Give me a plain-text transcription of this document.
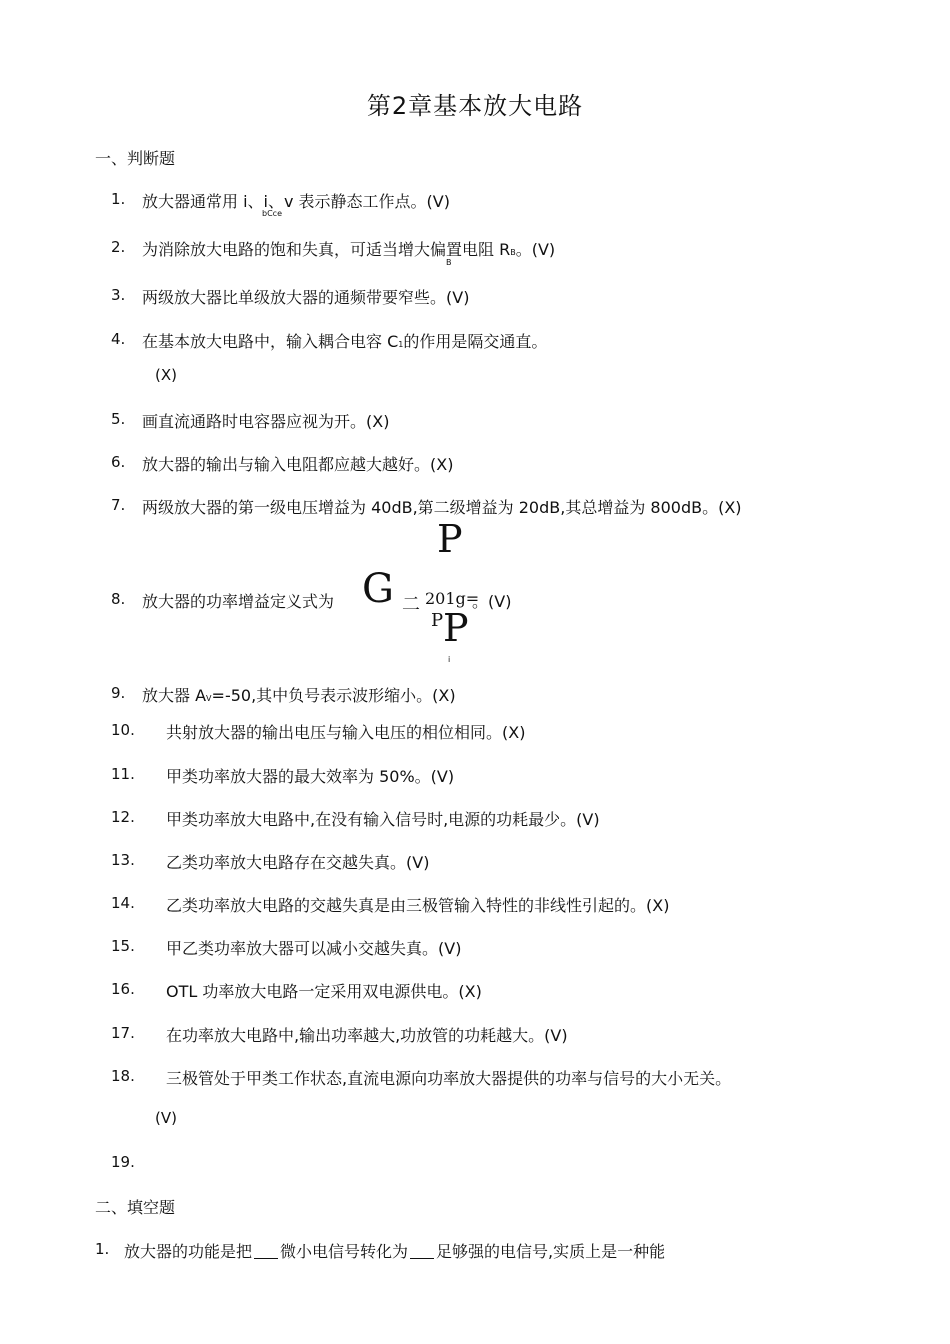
第2章基本放大电路
一、判断题
1. 放大器通常用 i、i、v 表示静态工作点。(V)
bCce
2. 为消除放大电路的饱和失真，可适当增大偏置电阻 RB。(V)
B
3. 两级放大器比单级放大器的通频带要窄些。(V)
4. 在基本放大电路中，输入耦合电容 C1的作用是隔交通直。
(X)
5. 画直流通路时电容器应视为开。(X)
6. 放大器的输出与输入电阻都应越大越好。(X)
7. 两级放大器的第一级电压增益为 40dB,第二级增益为 20dB,其总增益为 800dB。(X)
P
8. 放大器的功率增益定义式为 G 二 201g=
。(V)
P P
i
9. 放大器 AV=-50,其中负号表示波形缩小。(X)
10. 共射放大器的输出电压与输入电压的相位相同。(X)
11. 甲类功率放大器的最大效率为 50%。(V)
12. 甲类功率放大电路中,在没有输入信号时,电源的功耗最少。(V)
13. 乙类功率放大电路存在交越失真。(V)
14. 乙类功率放大电路的交越失真是由三极管输入特性的非线性引起的。(X)
15. 甲乙类功率放大器可以减小交越失真。(V)
16. OTL 功率放大电路一定采用双电源供电。(X)
17. 在功率放大电路中,输出功率越大,功放管的功耗越大。(V)
18. 三极管处于甲类工作状态,直流电源向功率放大器提供的功率与信号的大小无关。
(V)
19.
二、填空题
1. 放大器的功能是把 微小电信号转化为 足够强的电信号,实质上是一种能
